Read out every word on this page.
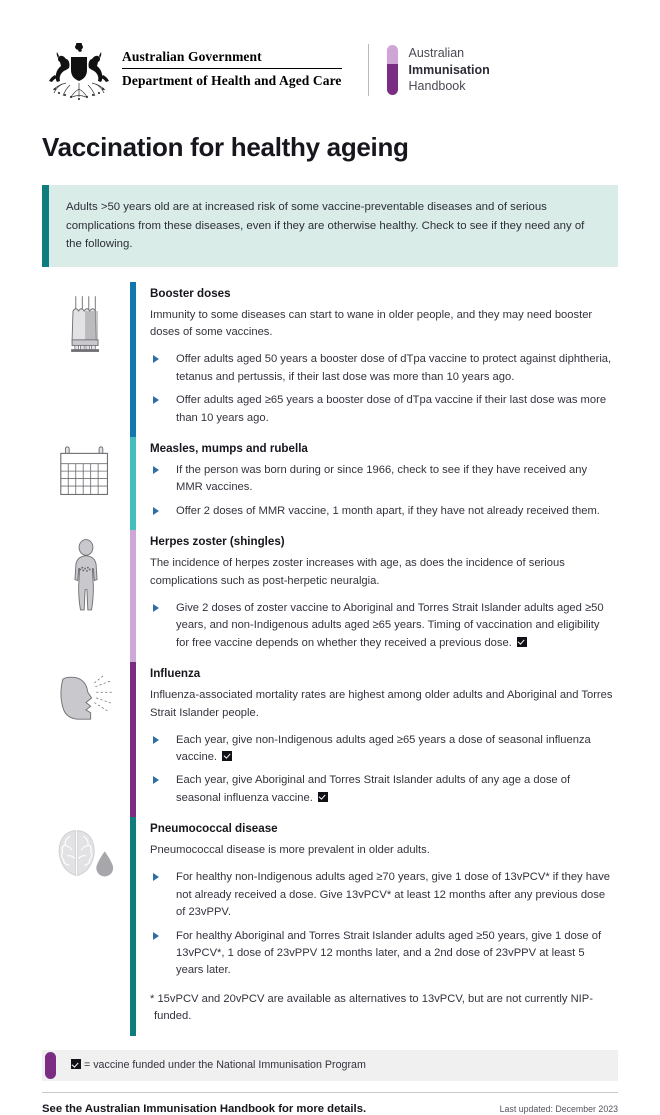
Australian Government
Department of Health and Aged Care
Australian
Immunisation
Handbook
Vaccination for healthy ageing
Adults >50 years old are at increased risk of some vaccine-preventable diseases and of serious complications from these diseases, even if they are otherwise healthy. Check to see if they need any of the following.
Booster doses

Immunity to some diseases can start to wane in older people, and they may need booster doses of some vaccines.

Offer adults aged 50 years a booster dose of dTpa vaccine to protect against diphtheria, tetanus and pertussis, if their last dose was more than 10 years ago.
Offer adults aged ≥65 years a booster dose of dTpa vaccine if their last dose was more than 10 years ago.
Measles, mumps and rubella
If the person was born during or since 1966, check to see if they have received any MMR vaccines.
Offer 2 doses of MMR vaccine, 1 month apart, if they have not already received them.
Herpes zoster (shingles)

The incidence of herpes zoster increases with age, as does the incidence of serious complications such as post-herpetic neuralgia.

Give 2 doses of zoster vaccine to Aboriginal and Torres Strait Islander adults aged ≥50 years, and non-Indigenous adults aged ≥65 years. Timing of vaccination and eligibility for free vaccine depends on whether they received a previous dose.
Influenza

Influenza-associated mortality rates are highest among older adults and Aboriginal and Torres Strait Islander people.

Each year, give non-Indigenous adults aged ≥65 years a dose of seasonal influenza vaccine.
Each year, give Aboriginal and Torres Strait Islander adults of any age a dose of seasonal influenza vaccine.
Pneumococcal disease

Pneumococcal disease is more prevalent in older adults.

For healthy non-Indigenous adults aged ≥70 years, give 1 dose of 13vPCV* if they have not already received a dose. Give 13vPCV* at least 12 months after any previous dose of 23vPPV.
For healthy Aboriginal and Torres Strait Islander adults aged ≥50 years, give 1 dose of 13vPCV*, 1 dose of 23vPPV 12 months later, and a 2nd dose of 23vPPV at least 5 years later.

* 15vPCV and 20vPCV are available as alternatives to 13vPCV, but are not currently NIP-funded.

= vaccine funded under the National Immunisation Program
See the Australian Immunisation Handbook for more details.	Last updated: December 2023
